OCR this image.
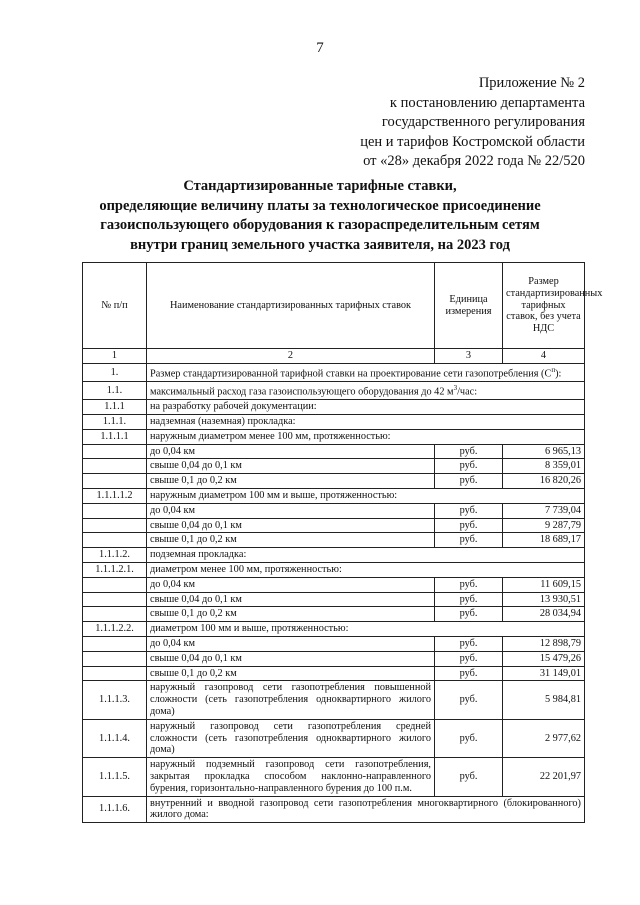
7
Приложение № 2
к постановлению департамента
государственного регулирования
цен и тарифов Костромской области
от «28» декабря 2022 года № 22/520
Стандартизированные тарифные ставки,
определяющие величину платы за технологическое присоединение
газоиспользующего оборудования к газораспределительным сетям
внутри границ земельного участка заявителя, на 2023 год
№ п/п	Наименование стандартизированных тарифных ставок	Единица измерения	Размер стандартизированных тарифных ставок, без учета НДС
1	2	3	4
1.	Размер стандартизированной тарифной ставки на проектирование сети газопотребления $(С^п)$:		
1.1.	максимальный расход газа газоиспользующего оборудования до 42 $м^3$/час:		
1.1.1	на разработку рабочей документации:		
1.1.1.	надземная (наземная) прокладка:		
1.1.1.1	наружным диаметром менее 100 мм, протяженностью:		
	до 0,04 км	руб.	6 965,13
	свыше 0,04 до 0,1 км	руб.	8 359,01
	свыше 0,1 до 0,2 км	руб.	16 820,26
1.1.1.1.2	наружным диаметром 100 мм и выше, протяженностью:		
	до 0,04 км	руб.	7 739,04
	свыше 0,04 до 0,1 км	руб.	9 287,79
	свыше 0,1 до 0,2 км	руб.	18 689,17
1.1.1.2.	подземная прокладка:		
1.1.1.2.1.	диаметром менее 100 мм, протяженностью:		
	до 0,04 км	руб.	11 609,15
	свыше 0,04 до 0,1 км	руб.	13 930,51
	свыше 0,1 до 0,2 км	руб.	28 034,94
1.1.1.2.2.	диаметром 100 мм и выше, протяженностью:		
	до 0,04 км	руб.	12 898,79
	свыше 0,04 до 0,1 км	руб.	15 479,26
	свыше 0,1 до 0,2 км	руб.	31 149,01
1.1.1.3.	наружный газопровод сети газопотребления повышенной сложности (сеть газопотребления одноквартирного жилого дома)	руб.	5 984,81
1.1.1.4.	наружный газопровод сети газопотребления средней сложности (сеть газопотребления одноквартирного жилого дома)	руб.	2 977,62
1.1.1.5.	наружный подземный газопровод сети газопотребления, закрытая прокладка способом наклонно-направленного бурения, горизонтально-направленного бурения до 100 п.м.	руб.	22 201,97
1.1.1.6.	внутренний и вводной газопровод сети газопотребления многоквартирного (блокированного) жилого дома:		
